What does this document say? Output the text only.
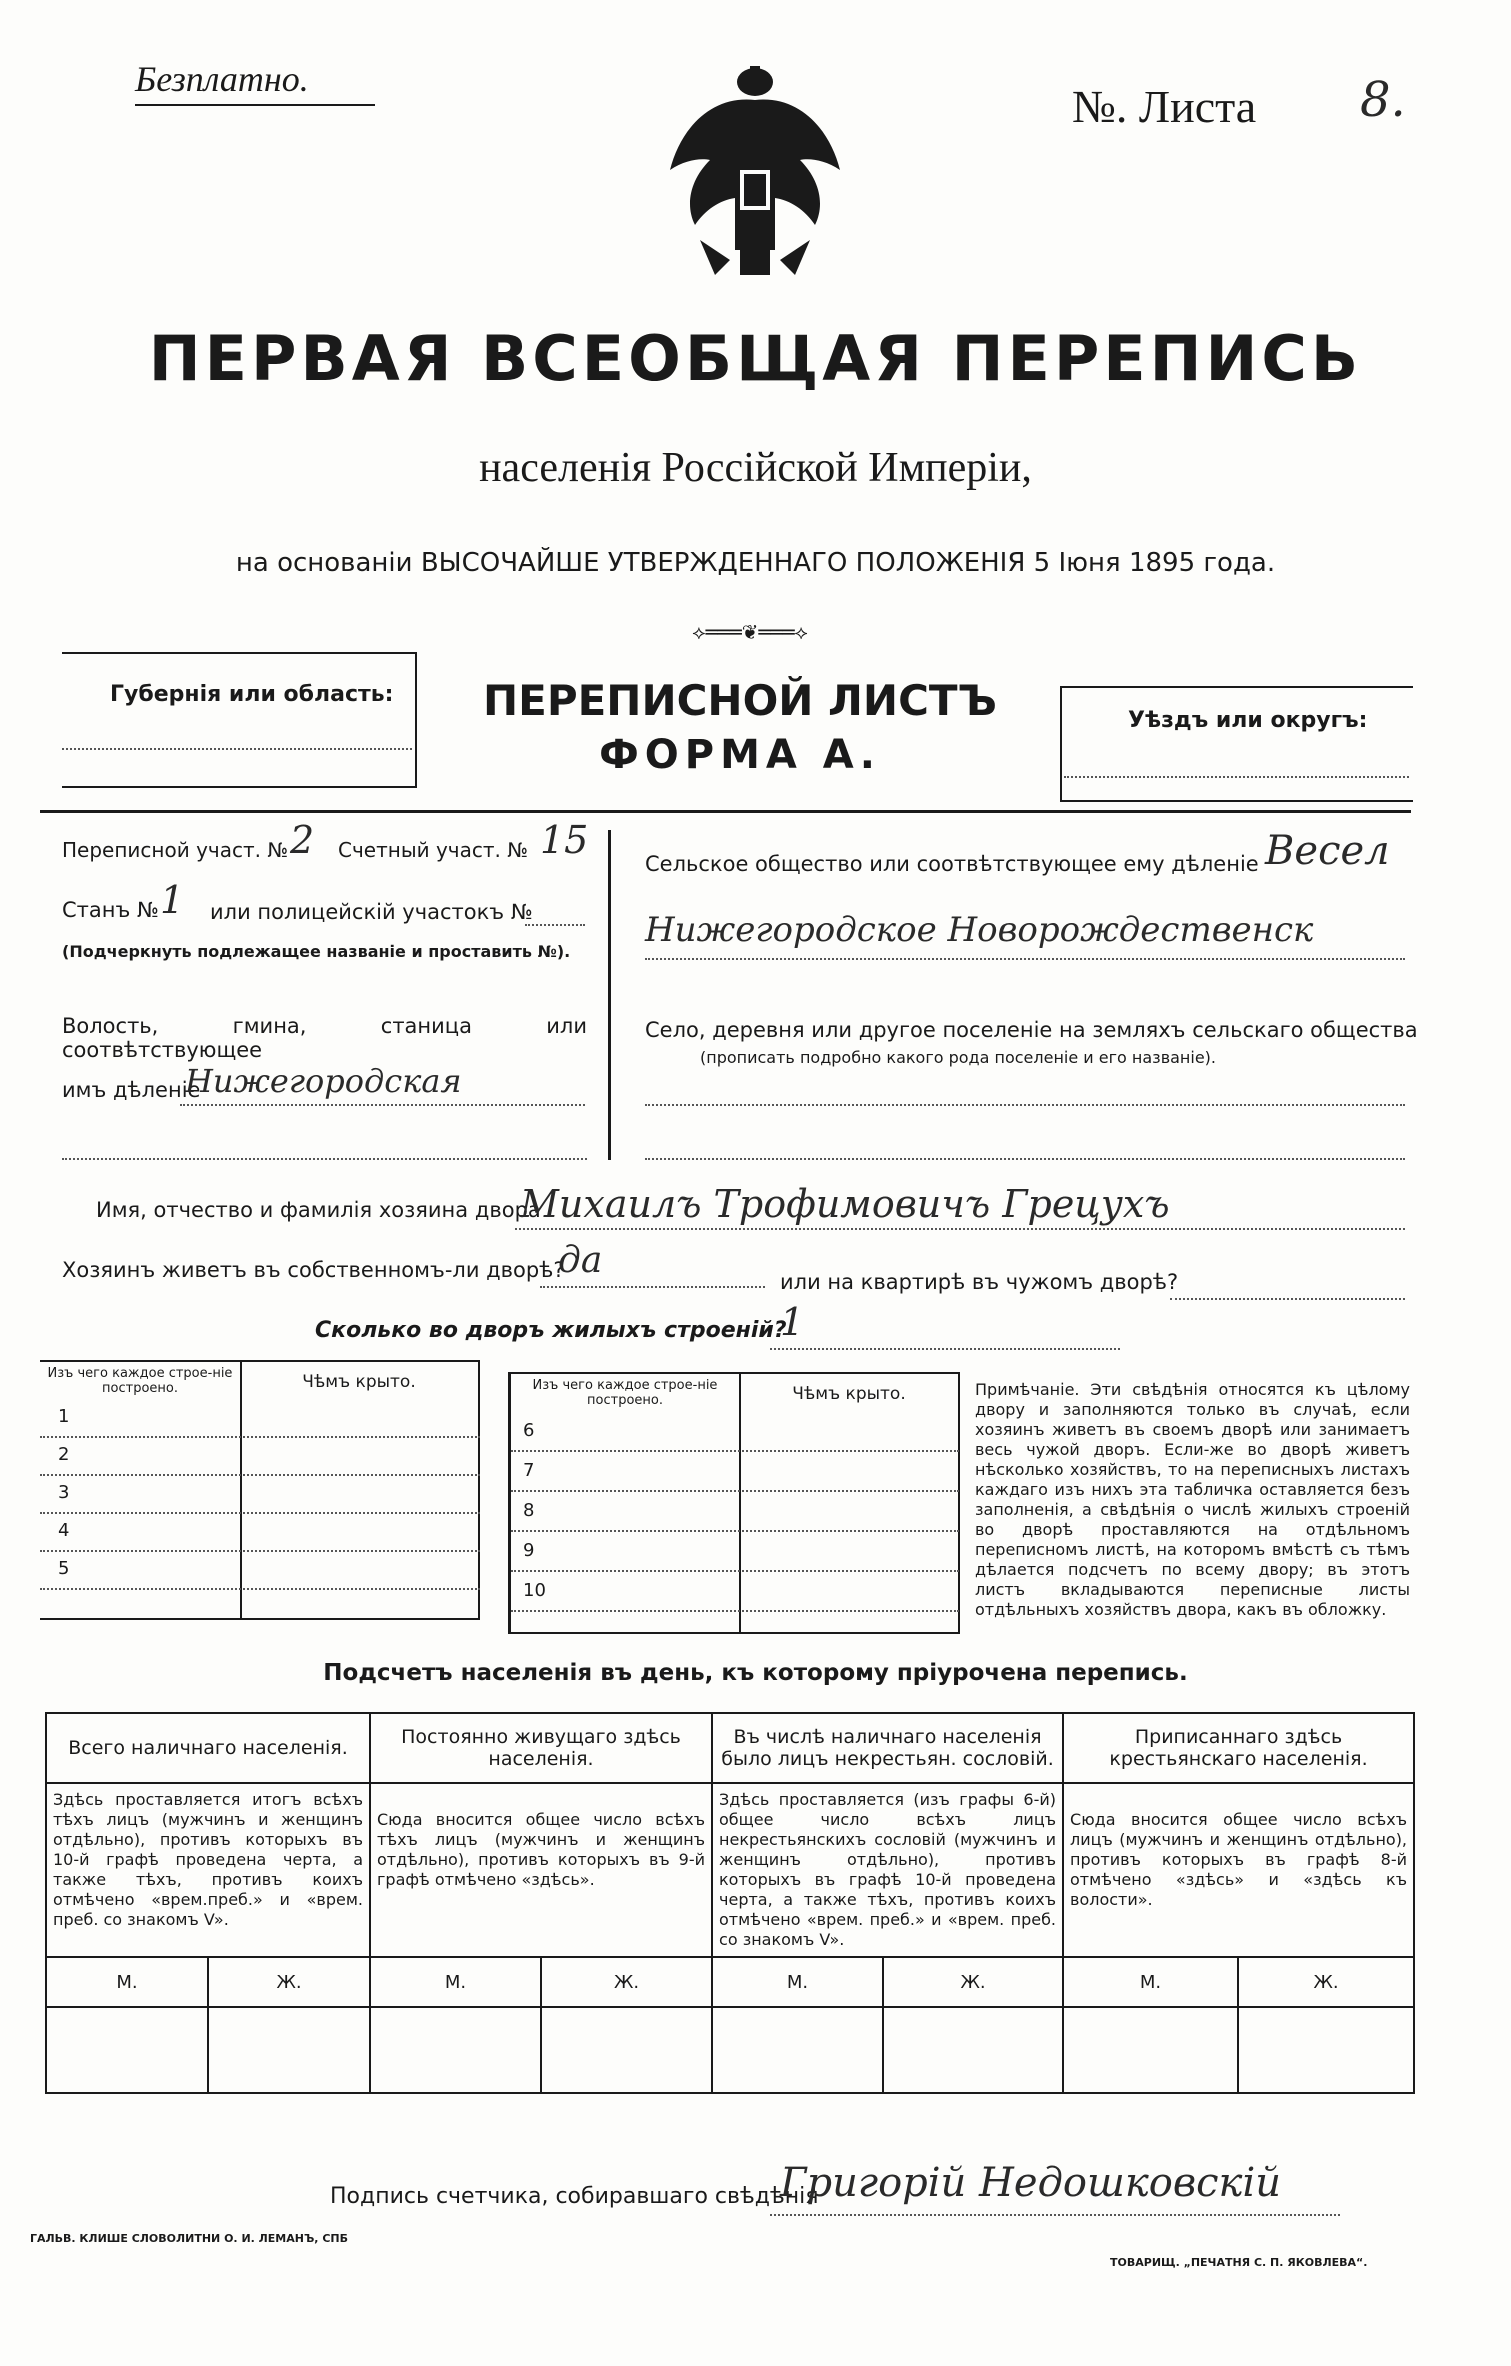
Безплатно.
№. Листа 8.
ПЕРВАЯ ВСЕОБЩАЯ ПЕРЕПИСЬ
населенія Россійской Имперіи,
на основаніи ВЫСОЧАЙШЕ УТВЕРЖДЕННАГО ПОЛОЖЕНІЯ 5 Іюня 1895 года.
⟡═══❦═══⟡
Губернія или область:	ПЕРЕПИСНОЙ ЛИСТЪ
ФОРМА А.
Уѣздъ или округъ:
Переписной участ. № 2 Счетный участ. № 15
Станъ № 1 или полицейскій участокъ №
(Подчеркнуть подлежащее названіе и проставить №).
Волость, гмина, станица или соотвѣтствующее
имъ дѣленіе
Нижегородская
Сельское общество или соотвѣтствующее ему дѣленіе Весел
Нижегородское Новорождественск
Село, деревня или другое поселеніе на земляхъ сельскаго общества
(прописать подробно какого рода поселеніе и его названіе).
Имя, отчество и фамилія хозяина двора
Михаилъ Трофимовичъ Грецухъ
Хозяинъ живетъ въ собственномъ-ли дворѣ?
да
или на квартирѣ въ чужомъ дворѣ?
Сколько во дворъ жилыхъ строеній?
1
Изъ чего каждое строе-ніе построено.	Чѣмъ крыто.
1
2
3
4
5
Изъ чего каждое строе-ніе построено.	Чѣмъ крыто.
6
7
8
9
10
Примѣчаніе. Эти свѣдѣнія относятся къ цѣлому двору и заполняются только въ случаѣ, если хозяинъ живетъ въ своемъ дворѣ или занимаетъ весь чужой дворъ. Если-же во дворѣ живетъ нѣсколько хозяйствъ, то на переписныхъ листахъ каждаго изъ нихъ эта табличка оставляется безъ заполненія, а свѣдѣнія о числѣ жилыхъ строеній во дворѣ проставляются на отдѣльномъ переписномъ листѣ, на которомъ вмѣстѣ съ тѣмъ дѣлается подсчетъ по всему двору; въ этотъ листъ вкладываются переписные листы отдѣльныхъ хозяйствъ двора, какъ въ обложку.
Подсчетъ населенія въ день, къ которому пріурочена перепись.
Всего наличнаго населенія.		Постоянно живущаго здѣсь населенія.		Въ числѣ наличнаго населенія было лицъ некрестьян. сословій.		Приписаннаго здѣсь крестьянскаго населенія.	
Здѣсь проставляется итогъ всѣхъ тѣхъ лицъ (мужчинъ и женщинъ отдѣльно), противъ которыхъ въ 10-й графѣ проведена черта, а также тѣхъ, противъ коихъ отмѣчено «врем.преб.» и «врем. преб. со знакомъ V».		Сюда вносится общее число всѣхъ тѣхъ лицъ (мужчинъ и женщинъ отдѣльно), противъ которыхъ въ 9-й графѣ отмѣчено «здѣсь».		Здѣсь проставляется (изъ графы 6-й) общее число всѣхъ лицъ некрестьянскихъ сословій (мужчинъ и женщинъ отдѣльно), противъ которыхъ въ графѣ 10-й проведена черта, а также тѣхъ, противъ коихъ отмѣчено «врем. преб.» и «врем. преб. со знакомъ V».		Сюда вносится общее число всѣхъ лицъ (мужчинъ и женщинъ отдѣльно), противъ которыхъ въ графѣ 8-й отмѣчено «здѣсь» и «здѣсь къ волости».	
М.	Ж.	М.	Ж.	М.	Ж.	М.	Ж.

Подпись счетчика, собиравшаго свѣдѣнія
Григорій Недошковскій
ГАЛЬВ. КЛИШЕ СЛОВОЛИТНИ О. И. ЛЕМАНЪ, СПБ
ТОВАРИЩ. „ПЕЧАТНЯ С. П. ЯКОВЛЕВА“.
